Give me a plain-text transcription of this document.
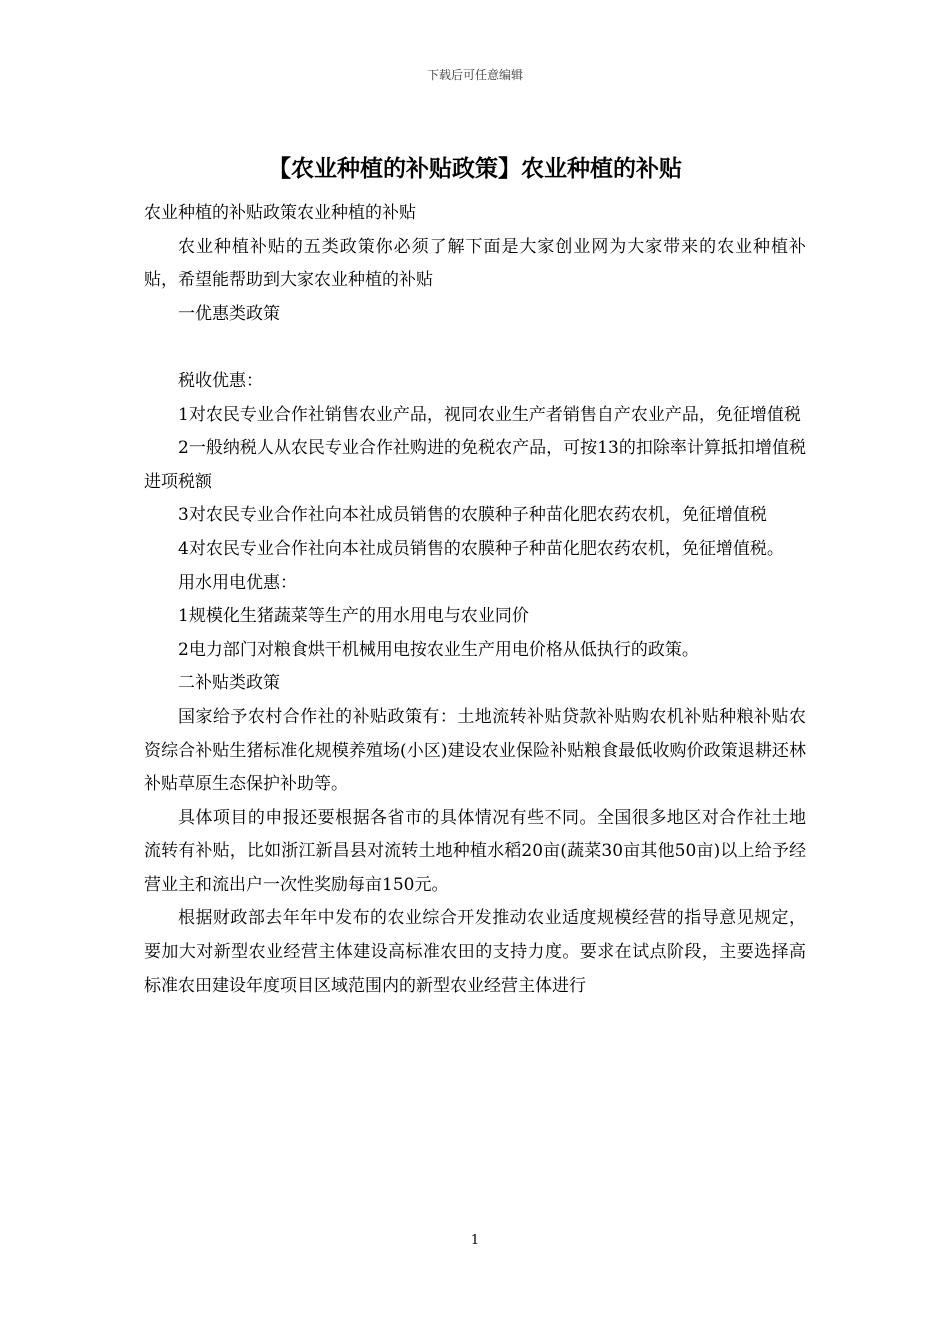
下载后可任意编辑
【农业种植的补贴政策】农业种植的补贴

农业种植的补贴政策农业种植的补贴

农业种植补贴的五类政策你必须了解下面是大家创业网为大家带来的农业种植补贴，希望能帮助到大家农业种植的补贴

一优惠类政策

税收优惠：

1对农民专业合作社销售农业产品，视同农业生产者销售自产农业产品，免征增值税

2一般纳税人从农民专业合作社购进的免税农产品，可按13的扣除率计算抵扣增值税进项税额

3对农民专业合作社向本社成员销售的农膜种子种苗化肥农药农机，免征增值税

4对农民专业合作社向本社成员销售的农膜种子种苗化肥农药农机，免征增值税。

用水用电优惠：

1规模化生猪蔬菜等生产的用水用电与农业同价

2电力部门对粮食烘干机械用电按农业生产用电价格从低执行的政策。

二补贴类政策

国家给予农村合作社的补贴政策有：土地流转补贴贷款补贴购农机补贴种粮补贴农资综合补贴生猪标准化规模养殖场(小区)建设农业保险补贴粮食最低收购价政策退耕还林补贴草原生态保护补助等。

具体项目的申报还要根据各省市的具体情况有些不同。全国很多地区对合作社土地流转有补贴，比如浙江新昌县对流转土地种植水稻20亩(蔬菜30亩其他50亩)以上给予经营业主和流出户一次性奖励每亩150元。

根据财政部去年年中发布的农业综合开发推动农业适度规模经营的指导意见规定，要加大对新型农业经营主体建设高标准农田的支持力度。要求在试点阶段，主要选择高标准农田建设年度项目区域范围内的新型农业经营主体进行

1
